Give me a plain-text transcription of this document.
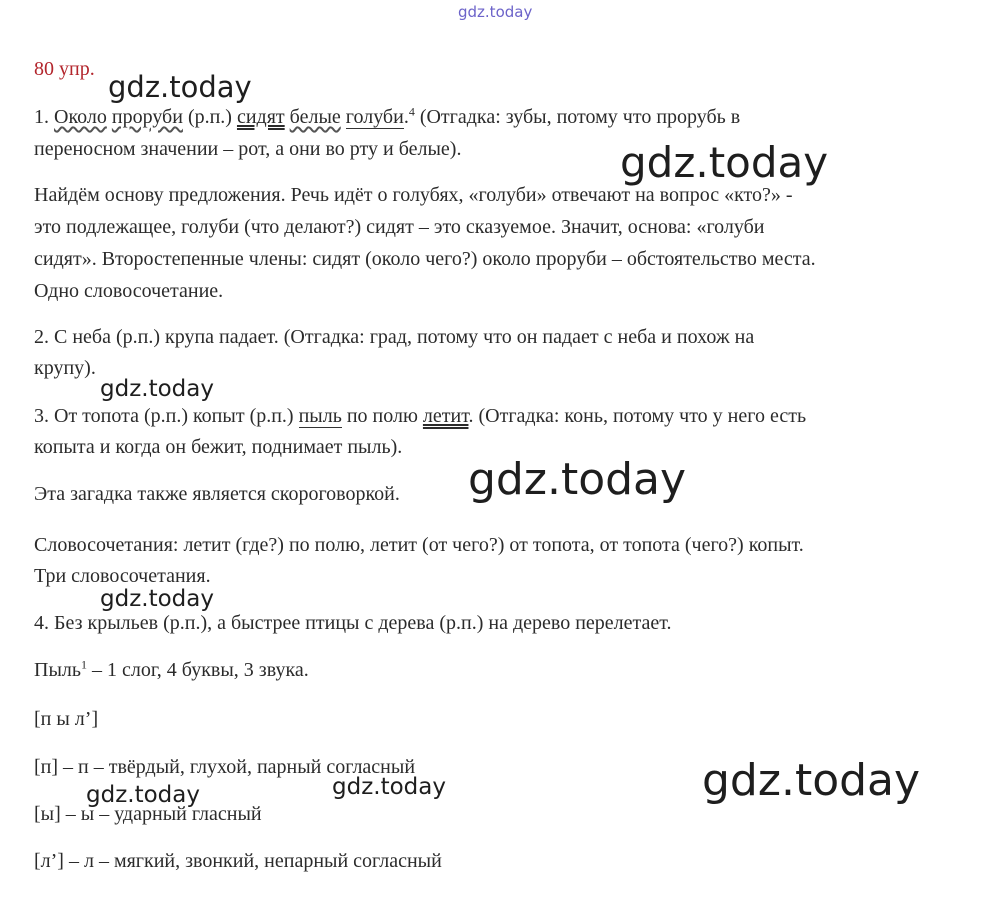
gdz.today
gdz.today
gdz.today
gdz.today
gdz.today
gdz.today
gdz.today
gdz.today	gdz.today
80 упр.
1. Около проруби (р.п.) сидят белые голуби.$^4$ (Отгадка: зубы, потому что прорубь в
переносном значении – рот, а они во рту и белые).
Найдём основу предложения. Речь идёт о голубях, «голуби» отвечают на вопрос «кто?» -
это подлежащее, голуби (что делают?) сидят – это сказуемое. Значит, основа: «голуби
сидят». Второстепенные члены: сидят (около чего?) около проруби – обстоятельство места.
Одно словосочетание.
2. С неба (р.п.) крупа падает. (Отгадка: град, потому что он падает с неба и похож на
крупу).
3. От топота (р.п.) копыт (р.п.) пыль по полю летит. (Отгадка: конь, потому что у него есть
копыта и когда он бежит, поднимает пыль).
Эта загадка также является скороговоркой.
Словосочетания: летит (где?) по полю, летит (от чего?) от топота, от топота (чего?) копыт.
Три словосочетания.
4. Без крыльев (р.п.), а быстрее птицы с дерева (р.п.) на дерево перелетает.
Пыль$^1$ – 1 слог, 4 буквы, 3 звука.
[п ы л’]
[п] – п – твёрдый, глухой, парный согласный
[ы] – ы – ударный гласный
[л’] – л – мягкий, звонкий, непарный согласный
